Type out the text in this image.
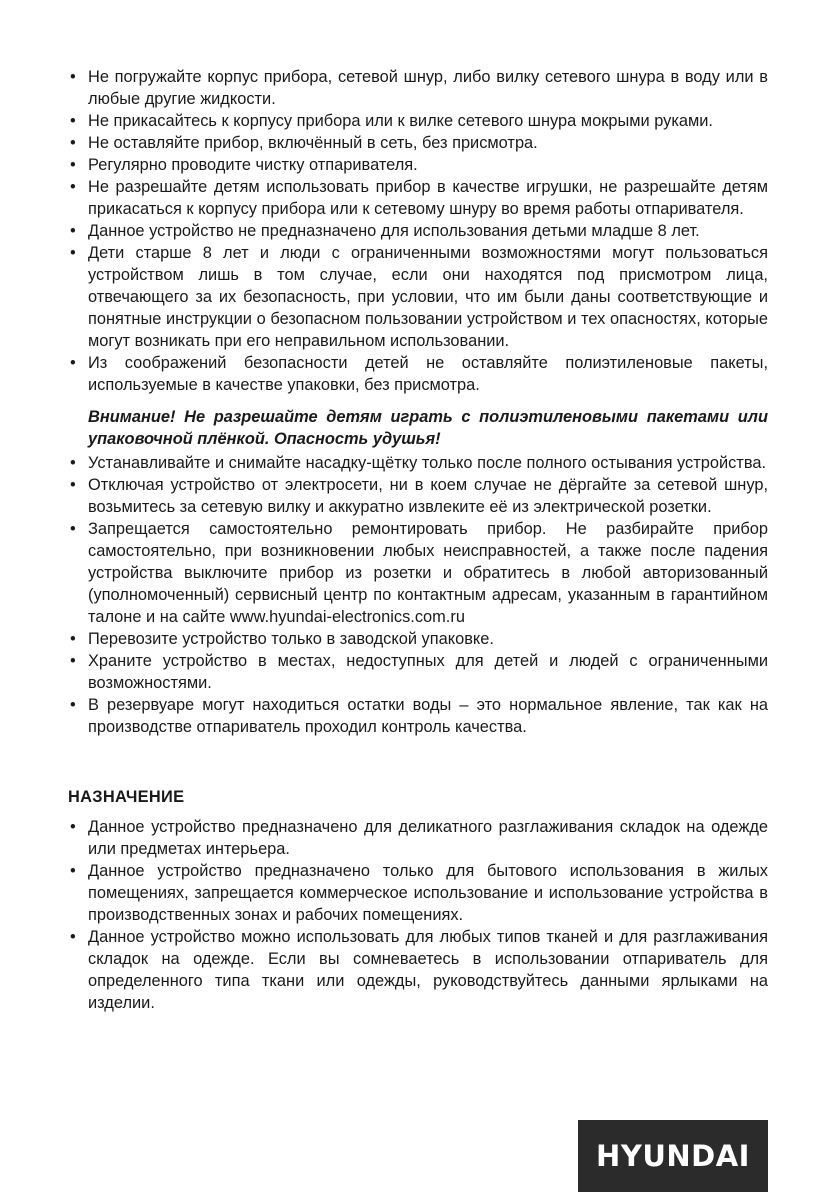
• Не погружайте корпус прибора, сетевой шнур, либо вилку сетевого шнура в воду или в любые другие жидкости.
• Не прикасайтесь к корпусу прибора или к вилке сетевого шнура мокрыми руками.
• Не оставляйте прибор, включённый в сеть, без присмотра.
• Регулярно проводите чистку отпаривателя.
• Не разрешайте детям использовать прибор в качестве игрушки, не разрешайте детям прикасаться к корпусу прибора или к сетевому шнуру во время работы отпаривателя.
• Данное устройство не предназначено для использования детьми младше 8 лет.
• Дети старше 8 лет и люди с ограниченными возможностями могут пользоваться устройством лишь в том случае, если они находятся под присмотром лица, отвечающего за их безопасность, при условии, что им были даны соответствующие и понятные инструкции о безопасном пользовании устройством и тех опасностях, которые могут возникать при его неправильном использовании.
• Из соображений безопасности детей не оставляйте полиэтиленовые пакеты, используемые в качестве упаковки, без присмотра.

Внимание! Не разрешайте детям играть с полиэтиленовыми пакетами или упаковочной плёнкой. Опасность удушья!

• Устанавливайте и снимайте насадку-щётку только после полного остывания устройства.
• Отключая устройство от электросети, ни в коем случае не дёргайте за сетевой шнур, возьмитесь за сетевую вилку и аккуратно извлеките её из электрической розетки.
• Запрещается самостоятельно ремонтировать прибор. Не разбирайте прибор самостоятельно, при возникновении любых неисправностей, а также после падения устройства выключите прибор из розетки и обратитесь в любой авторизованный (уполномоченный) сервисный центр по контактным адресам, указанным в гарантийном талоне и на сайте www.hyundai-electronics.com.ru
• Перевозите устройство только в заводской упаковке.
• Храните устройство в местах, недоступных для детей и людей с ограниченными возможностями.
• В резервуаре могут находиться остатки воды – это нормальное явление, так как на производстве отпариватель проходил контроль качества.
НАЗНАЧЕНИЕ
• Данное устройство предназначено для деликатного разглаживания складок на одежде или предметах интерьера.
• Данное устройство предназначено только для бытового использования в жилых помещениях, запрещается коммерческое использование и использование устройства в производственных зонах и рабочих помещениях.
• Данное устройство можно использовать для любых типов тканей и для разглаживания складок на одежде. Если вы сомневаетесь в использовании отпариватель для определенного типа ткани или одежды, руководствуйтесь данными ярлыками на изделии.
HYUNDAI
